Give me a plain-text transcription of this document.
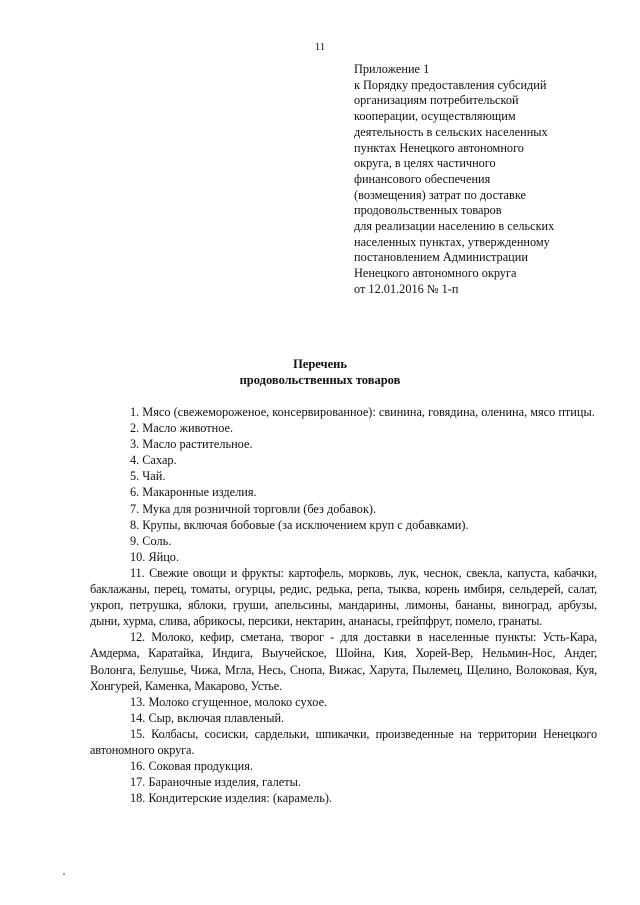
11
Приложение 1
к Порядку предоставления субсидий
организациям потребительской
кооперации, осуществляющим
деятельность в сельских населенных
пунктах Ненецкого автономного
округа, в целях частичного
финансового обеспечения
(возмещения) затрат по доставке
продовольственных товаров
для реализации населению в сельских
населенных пунктах, утвержденному
постановлением Администрации
Ненецкого автономного округа
от 12.01.2016 № 1-п
Перечень
продовольственных товаров

1. Мясо (свежемороженое, консервированное): свинина, говядина, оленина, мясо птицы.

2. Масло животное.

3. Масло растительное.

4. Сахар.

5. Чай.

6. Макаронные изделия.

7. Мука для розничной торговли (без добавок).

8. Крупы, включая бобовые (за исключением круп с добавками).

9. Соль.

10. Яйцо.

11. Свежие овощи и фрукты: картофель, морковь, лук, чеснок, свекла, капуста, кабачки, баклажаны, перец, томаты, огурцы, редис, редька, репа, тыква, корень имбиря, сельдерей, салат, укроп, петрушка, яблоки, груши, апельсины, мандарины, лимоны, бананы, виноград, арбузы, дыни, хурма, слива, абрикосы, персики, нектарин, ананасы, грейпфрут, помело, гранаты.

12. Молоко, кефир, сметана, творог - для доставки в населенные пункты: Усть-Кара, Амдерма, Каратайка, Индига, Выучейское, Шойна, Кия, Хорей-Вер, Нельмин-Нос, Андег, Волонга, Белушье, Чижа, Мгла, Несь, Снопа, Вижас, Харута, Пылемец, Щелино, Волоковая, Куя, Хонгурей, Каменка, Макарово, Устье.

13. Молоко сгущенное, молоко сухое.

14. Сыр, включая плавленый.

15. Колбасы, сосиски, сардельки, шпикачки, произведенные на территории Ненецкого автономного округа.

16. Соковая продукция.

17. Бараночные изделия, галеты.

18. Кондитерские изделия: (карамель).
